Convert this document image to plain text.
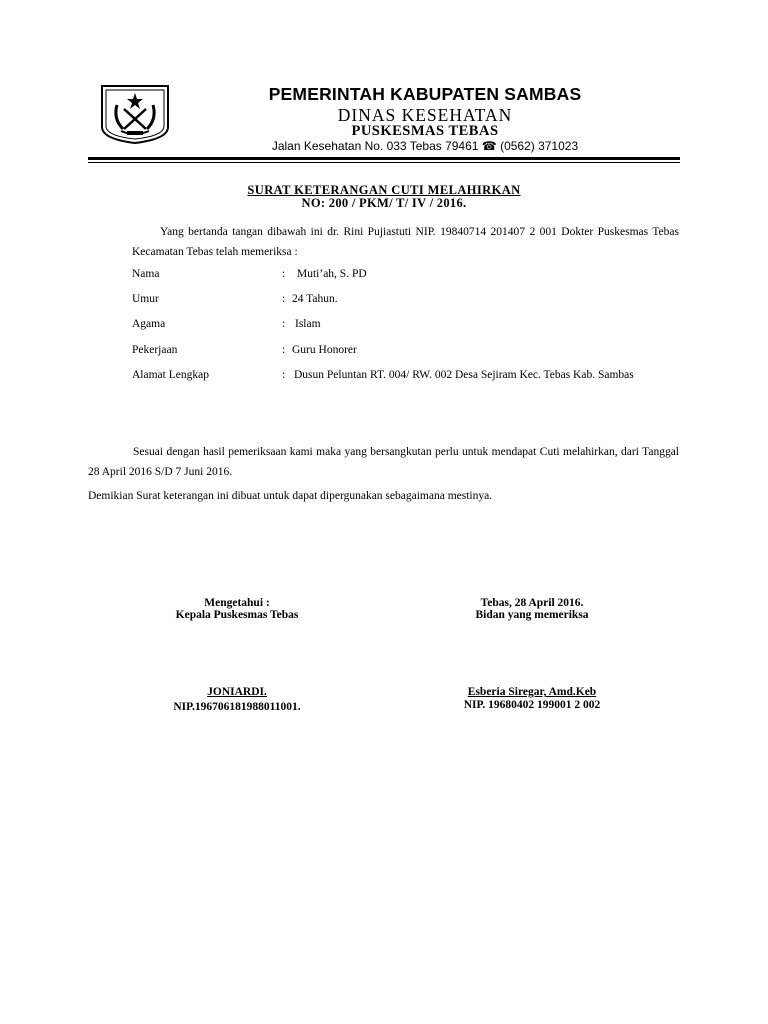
PEMERINTAH KABUPATEN SAMBAS
DINAS KESEHATAN
PUSKESMAS TEBAS
Jalan Kesehatan No. 033 Tebas 79461 ☎ (0562) 371023
SURAT KETERANGAN CUTI MELAHIRKAN
NO: 200 / PKM/ T/ IV / 2016.
Yang bertanda tangan dibawah ini dr. Rini Pujiastuti NIP. 19840714 201407 2 001 Dokter Puskesmas Tebas Kecamatan Tebas telah memeriksa :
Nama	: Muti’ah, S. PD
Umur	: 24 Tahun.
Agama	: Islam
Pekerjaan	: Guru Honorer
Alamat Lengkap	: Dusun Peluntan RT. 004/ RW. 002 Desa Sejiram Kec. Tebas Kab. Sambas
Sesuai dengan hasil pemeriksaan kami maka yang bersangkutan perlu untuk mendapat Cuti melahirkan, dari Tanggal 28 April 2016 S/D 7 Juni 2016.
Demikian Surat keterangan ini dibuat untuk dapat dipergunakan sebagaimana mestinya.
Mengetahui :
Kepala Puskesmas Tebas
JONIARDI.
NIP.196706181988011001.
Tebas, 28 April 2016.
Bidan yang memeriksa
Esberia Siregar, Amd.Keb
NIP. 19680402 199001 2 002
